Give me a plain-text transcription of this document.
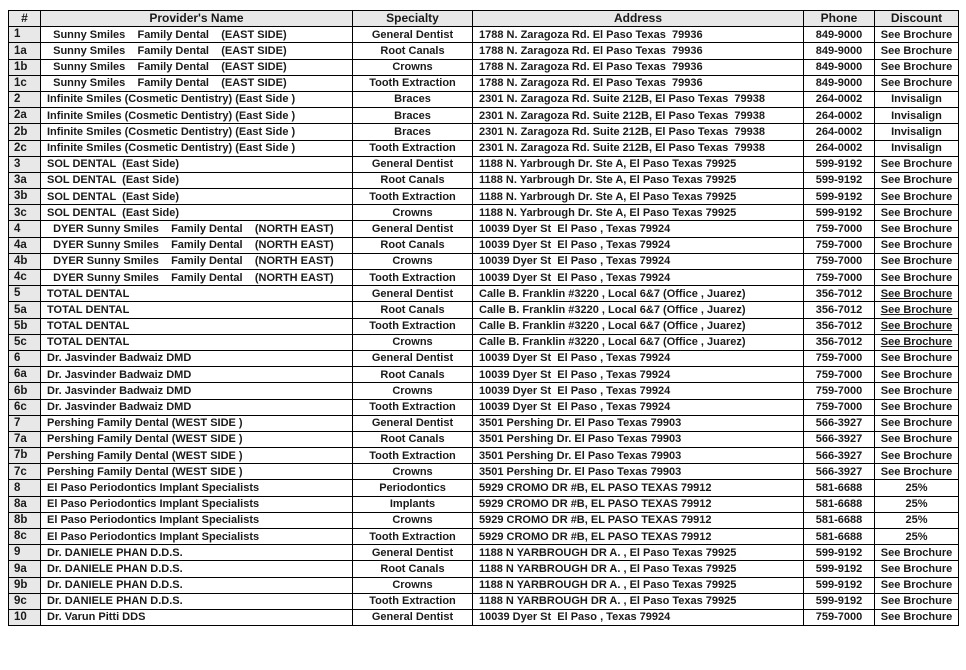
#	Provider's Name	Specialty	Address	Phone	Discount
1	Sunny Smiles    Family Dental    (EAST SIDE)	General Dentist	1788 N. Zaragoza Rd. El Paso Texas  79936	849-9000	See Brochure
1a	Sunny Smiles    Family Dental    (EAST SIDE)	Root Canals	1788 N. Zaragoza Rd. El Paso Texas  79936	849-9000	See Brochure
1b	Sunny Smiles    Family Dental    (EAST SIDE)	Crowns	1788 N. Zaragoza Rd. El Paso Texas  79936	849-9000	See Brochure
1c	Sunny Smiles    Family Dental    (EAST SIDE)	Tooth Extraction	1788 N. Zaragoza Rd. El Paso Texas  79936	849-9000	See Brochure
2	Infinite Smiles (Cosmetic Dentistry) (East Side )	Braces	2301 N. Zaragoza Rd. Suite 212B, El Paso Texas  79938	264-0002	Invisalign
2a	Infinite Smiles (Cosmetic Dentistry) (East Side )	Braces	2301 N. Zaragoza Rd. Suite 212B, El Paso Texas  79938	264-0002	Invisalign
2b	Infinite Smiles (Cosmetic Dentistry) (East Side )	Braces	2301 N. Zaragoza Rd. Suite 212B, El Paso Texas  79938	264-0002	Invisalign
2c	Infinite Smiles (Cosmetic Dentistry) (East Side )	Tooth Extraction	2301 N. Zaragoza Rd. Suite 212B, El Paso Texas  79938	264-0002	Invisalign
3	SOL DENTAL  (East Side)	General Dentist	1188 N. Yarbrough Dr. Ste A, El Paso Texas 79925	599-9192	See Brochure
3a	SOL DENTAL  (East Side)	Root Canals	1188 N. Yarbrough Dr. Ste A, El Paso Texas 79925	599-9192	See Brochure
3b	SOL DENTAL  (East Side)	Tooth Extraction	1188 N. Yarbrough Dr. Ste A, El Paso Texas 79925	599-9192	See Brochure
3c	SOL DENTAL  (East Side)	Crowns	1188 N. Yarbrough Dr. Ste A, El Paso Texas 79925	599-9192	See Brochure
4	DYER Sunny Smiles    Family Dental    (NORTH EAST)	General Dentist	10039 Dyer St  El Paso , Texas 79924	759-7000	See Brochure
4a	DYER Sunny Smiles    Family Dental    (NORTH EAST)	Root Canals	10039 Dyer St  El Paso , Texas 79924	759-7000	See Brochure
4b	DYER Sunny Smiles    Family Dental    (NORTH EAST)	Crowns	10039 Dyer St  El Paso , Texas 79924	759-7000	See Brochure
4c	DYER Sunny Smiles    Family Dental    (NORTH EAST)	Tooth Extraction	10039 Dyer St  El Paso , Texas 79924	759-7000	See Brochure
5	TOTAL DENTAL	General Dentist	Calle B. Franklin #3220 , Local 6&7 (Office , Juarez)	356-7012	See Brochure
5a	TOTAL DENTAL	Root Canals	Calle B. Franklin #3220 , Local 6&7 (Office , Juarez)	356-7012	See Brochure
5b	TOTAL DENTAL	Tooth Extraction	Calle B. Franklin #3220 , Local 6&7 (Office , Juarez)	356-7012	See Brochure
5c	TOTAL DENTAL	Crowns	Calle B. Franklin #3220 , Local 6&7 (Office , Juarez)	356-7012	See Brochure
6	Dr. Jasvinder Badwaiz DMD	General Dentist	10039 Dyer St  El Paso , Texas 79924	759-7000	See Brochure
6a	Dr. Jasvinder Badwaiz DMD	Root Canals	10039 Dyer St  El Paso , Texas 79924	759-7000	See Brochure
6b	Dr. Jasvinder Badwaiz DMD	Crowns	10039 Dyer St  El Paso , Texas 79924	759-7000	See Brochure
6c	Dr. Jasvinder Badwaiz DMD	Tooth Extraction	10039 Dyer St  El Paso , Texas 79924	759-7000	See Brochure
7	Pershing Family Dental (WEST SIDE )	General Dentist	3501 Pershing Dr. El Paso Texas 79903	566-3927	See Brochure
7a	Pershing Family Dental (WEST SIDE )	Root Canals	3501 Pershing Dr. El Paso Texas 79903	566-3927	See Brochure
7b	Pershing Family Dental (WEST SIDE )	Tooth Extraction	3501 Pershing Dr. El Paso Texas 79903	566-3927	See Brochure
7c	Pershing Family Dental (WEST SIDE )	Crowns	3501 Pershing Dr. El Paso Texas 79903	566-3927	See Brochure
8	El Paso Periodontics Implant Specialists	Periodontics	5929 CROMO DR #B, EL PASO TEXAS 79912	581-6688	25%
8a	El Paso Periodontics Implant Specialists	Implants	5929 CROMO DR #B, EL PASO TEXAS 79912	581-6688	25%
8b	El Paso Periodontics Implant Specialists	Crowns	5929 CROMO DR #B, EL PASO TEXAS 79912	581-6688	25%
8c	El Paso Periodontics Implant Specialists	Tooth Extraction	5929 CROMO DR #B, EL PASO TEXAS 79912	581-6688	25%
9	Dr. DANIELE PHAN D.D.S.	General Dentist	1188 N YARBROUGH DR A. , El Paso Texas 79925	599-9192	See Brochure
9a	Dr. DANIELE PHAN D.D.S.	Root Canals	1188 N YARBROUGH DR A. , El Paso Texas 79925	599-9192	See Brochure
9b	Dr. DANIELE PHAN D.D.S.	Crowns	1188 N YARBROUGH DR A. , El Paso Texas 79925	599-9192	See Brochure
9c	Dr. DANIELE PHAN D.D.S.	Tooth Extraction	1188 N YARBROUGH DR A. , El Paso Texas 79925	599-9192	See Brochure
10	Dr. Varun Pitti DDS	General Dentist	10039 Dyer St  El Paso , Texas 79924	759-7000	See Brochure
